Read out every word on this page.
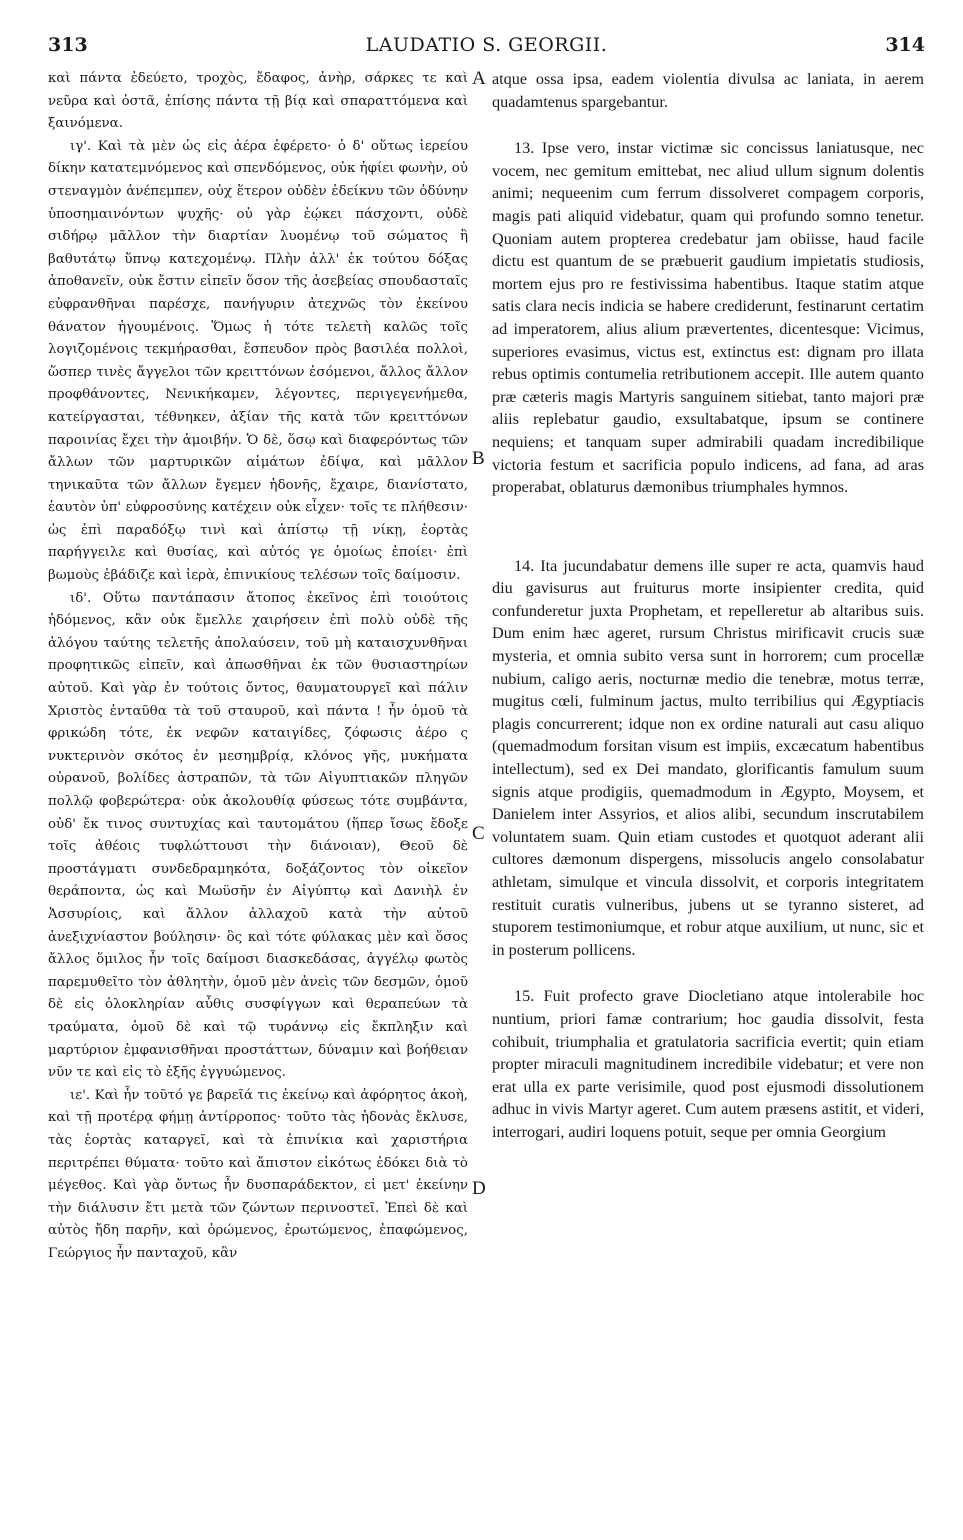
313	LAUDATIO S. GEORGII.	314

καὶ πάντα ἐδεύετο, τροχὸς, ἔδαφος, ἀνὴρ, σάρκες τε καὶ νεῦρα καὶ ὀστᾶ, ἐπίσης πάντα τῇ βίᾳ καὶ σπαραττόμενα καὶ ξαινόμενα.

ιγ'. Καὶ τὰ μὲν ὡς εἰς ἀέρα ἐφέρετο· ὁ δ' οὕτως ἱερείου δίκην κατατεμνόμενος καὶ σπενδόμενος, οὐκ ἠφίει φωνὴν, οὐ στεναγμὸν ἀνέπεμπεν, οὐχ ἕτερον οὐδὲν ἐδείκνυ τῶν ὀδύνην ὑποσημαινόντων ψυχῆς· οὐ γὰρ ἐῴκει πάσχοντι, οὐδὲ σιδήρῳ μᾶλλον τὴν διαρτίαν λυομένῳ τοῦ σώματος ἢ βαθυτάτῳ ὕπνῳ κατεχομένῳ. Πλὴν ἀλλ' ἐκ τούτου δόξας ἀποθανεῖν, οὐκ ἔστιν εἰπεῖν ὅσον τῆς ἀσεβείας σπουδασταῖς εὐφρανθῆναι παρέσχε, πανήγυριν ἀτεχνῶς τὸν ἐκείνου θάνατον ἡγουμένοις. Ὅμως ἡ τότε τελετὴ καλῶς τοῖς λογιζομένοις τεκμήρασθαι, ἔσπευδον πρὸς βασιλέα πολλοὶ, ὥσπερ τινὲς ἄγγελοι τῶν κρειττόνων ἐσόμενοι, ἄλλος ἄλλον προφθάνοντες, Νενικήκαμεν, λέγοντες, περιγεγενήμεθα, κατείργασται, τέθνηκεν, ἀξίαν τῆς κατὰ τῶν κρειττόνων παροινίας ἔχει τὴν ἀμοιβήν. Ὁ δὲ, ὅσῳ καὶ διαφερόντως τῶν ἄλλων τῶν μαρτυρικῶν αἱμάτων ἐδίψα, καὶ μᾶλλον τηνικαῦτα τῶν ἄλλων ἔγεμεν ἡδονῆς, ἔχαιρε, διανίστατο, ἑαυτὸν ὑπ' εὐφροσύνης κατέχειν οὐκ εἶχεν· τοῖς τε πλήθεσιν· ὡς ἐπὶ παραδόξῳ τινὶ καὶ ἀπίστῳ τῇ νίκῃ, ἑορτὰς παρήγγειλε καὶ θυσίας, καὶ αὐτός γε ὁμοίως ἐποίει· ἐπὶ βωμοὺς ἐβάδιζε καὶ ἱερὰ, ἐπινικίους τελέσων τοῖς δαίμοσιν.

ιδ'. Οὕτω παντάπασιν ἄτοπος ἐκεῖνος ἐπὶ τοιούτοις ἠδόμενος, κἂν οὐκ ἔμελλε χαιρήσειν ἐπὶ πολὺ οὐδὲ τῆς ἀλόγου ταύτης τελετῆς ἀπολαύσειν, τοῦ μὴ καταισχυνθῆναι προφητικῶς εἰπεῖν, καὶ ἀπωσθῆναι ἐκ τῶν θυσιαστηρίων αὐτοῦ. Καὶ γὰρ ἐν τούτοις ὄντος, θαυματουργεῖ καὶ πάλιν Χριστὸς ἐνταῦθα τὰ τοῦ σταυροῦ, καὶ πάντα ! ἦν ὁμοῦ τὰ φρικώδη τότε, ἐκ νεφῶν καταιγίδες, ζόφωσις ἀέρο ς νυκτερινὸν σκότος ἐν μεσημβρίᾳ, κλόνος γῆς, μυκήματα οὐρανοῦ, βολίδες ἀστραπῶν, τὰ τῶν Αἰγυπτιακῶν πληγῶν πολλῷ φοβερώτερα· οὐκ ἀκολουθίᾳ φύσεως τότε συμβάντα, οὐδ' ἔκ τινος συντυχίας καὶ ταυτομάτου (ἥπερ ἴσως ἔδοξε τοῖς ἀθέοις τυφλώττουσι τὴν διάνοιαν), Θεοῦ δὲ προστάγματι συνδεδραμηκότα, δοξάζοντος τὸν οἰκεῖον θεράποντα, ὡς καὶ Μωϋσῆν ἐν Αἰγύπτῳ καὶ Δανιὴλ ἐν Ἀσσυρίοις, καὶ ἄλλον ἀλλαχοῦ κατὰ τὴν αὐτοῦ ἀνεξιχνίαστον βούλησιν· ὃς καὶ τότε φύλακας μὲν καὶ ὅσος ἄλλος ὅμιλος ἦν τοῖς δαίμοσι διασκεδάσας, ἀγγέλῳ φωτὸς παρεμυθεῖτο τὸν ἀθλητὴν, ὁμοῦ μὲν ἀνεὶς τῶν δεσμῶν, ὁμοῦ δὲ εἰς ὁλοκληρίαν αὖθις συσφίγγων καὶ θεραπεύων τὰ τραύματα, ὁμοῦ δὲ καὶ τῷ τυράννῳ εἰς ἔκπληξιν καὶ μαρτύριον ἐμφανισθῆναι προστάττων, δύναμιν καὶ βοήθειαν νῦν τε καὶ εἰς τὸ ἑξῆς ἐγγυώμενος.

ιε'. Καὶ ἦν τοῦτό γε βαρεῖά τις ἐκείνῳ καὶ ἀφόρητος ἀκοὴ, καὶ τῇ προτέρᾳ φήμῃ ἀντίρροπος· τοῦτο τὰς ἡδονὰς ἔκλυσε, τὰς ἑορτὰς καταργεῖ, καὶ τὰ ἐπινίκια καὶ χαριστήρια περιτρέπει θύματα· τοῦτο καὶ ἄπιστον εἰκότως ἐδόκει διὰ τὸ μέγεθος. Καὶ γὰρ ὄντως ἦν δυσπαράδεκτον, εἰ μετ' ἐκείνην τὴν διάλυσιν ἔτι μετὰ τῶν ζώντων περινοστεῖ. Ἐπεὶ δὲ καὶ αὐτὸς ἤδη παρῆν, καὶ ὁρώμενος, ἐρωτώμενος, ἐπαφώμενος, Γεώργιος ἦν πανταχοῦ, κἂν

A
B
C
D

atque ossa ipsa, eadem violentia divulsa ac laniata, in aerem quadamtenus spargebantur.

13. Ipse vero, instar victimæ sic concissus laniatusque, nec vocem, nec gemitum emittebat, nec aliud ullum signum dolentis animi; nequeenim cum ferrum dissolveret compagem corporis, magis pati aliquid videbatur, quam qui profundo somno tenetur. Quoniam autem propterea credebatur jam obiisse, haud facile dictu est quantum de se præbuerit gaudium impietatis studiosis, mortem ejus pro re festivissima habentibus. Itaque statim atque satis clara necis indicia se habere crediderunt, festinarunt certatim ad imperatorem, alius alium prævertentes, dicentesque: Vicimus, superiores evasimus, victus est, extinctus est: dignam pro illata rebus optimis contumelia retributionem accepit. Ille autem quanto præ cæteris magis Martyris sanguinem sitiebat, tanto majori præ aliis replebatur gaudio, exsultabatque, ipsum se continere nequiens; et tanquam super admirabili quadam incredibilique victoria festum et sacrificia populo indicens, ad fana, ad aras properabat, oblaturus dæmonibus triumphales hymnos.

14. Ita jucundabatur demens ille super re acta, quamvis haud diu gavisurus aut fruiturus morte insipienter credita, quid confunderetur juxta Prophetam, et repelleretur ab altaribus suis. Dum enim hæc ageret, rursum Christus mirificavit crucis suæ mysteria, et omnia subito versa sunt in horrorem; cum procellæ nubium, caligo aeris, nocturnæ medio die tenebræ, motus terræ, mugitus cœli, fulminum jactus, multo terribilius qui Ægyptiacis plagis concurrerent; idque non ex ordine naturali aut casu aliquo (quemadmodum forsitan visum est impiis, excæcatum habentibus intellectum), sed ex Dei mandato, glorificantis famulum suum signis atque prodigiis, quemadmodum in Ægypto, Moysem, et Danielem inter Assyrios, et alios alibi, secundum inscrutabilem voluntatem suam. Quin etiam custodes et quotquot aderant alii cultores dæmonum dispergens, missolucis angelo consolabatur athletam, simulque et vincula dissolvit, et corporis integritatem restituit curatis vulneribus, jubens ut se tyranno sisteret, ad stuporem testimoniumque, et robur atque auxilium, ut nunc, sic et in posterum pollicens.

15. Fuit profecto grave Diocletiano atque intolerabile hoc nuntium, priori famæ contrarium; hoc gaudia dissolvit, festa cohibuit, triumphalia et gratulatoria sacrificia evertit; quin etiam propter miraculi magnitudinem incredibile videbatur; et vere non erat ulla ex parte verisimile, quod post ejusmodi dissolutionem adhuc in vivis Martyr ageret. Cum autem præsens astitit, et videri, interrogari, audiri loquens potuit, seque per omnia Georgium
